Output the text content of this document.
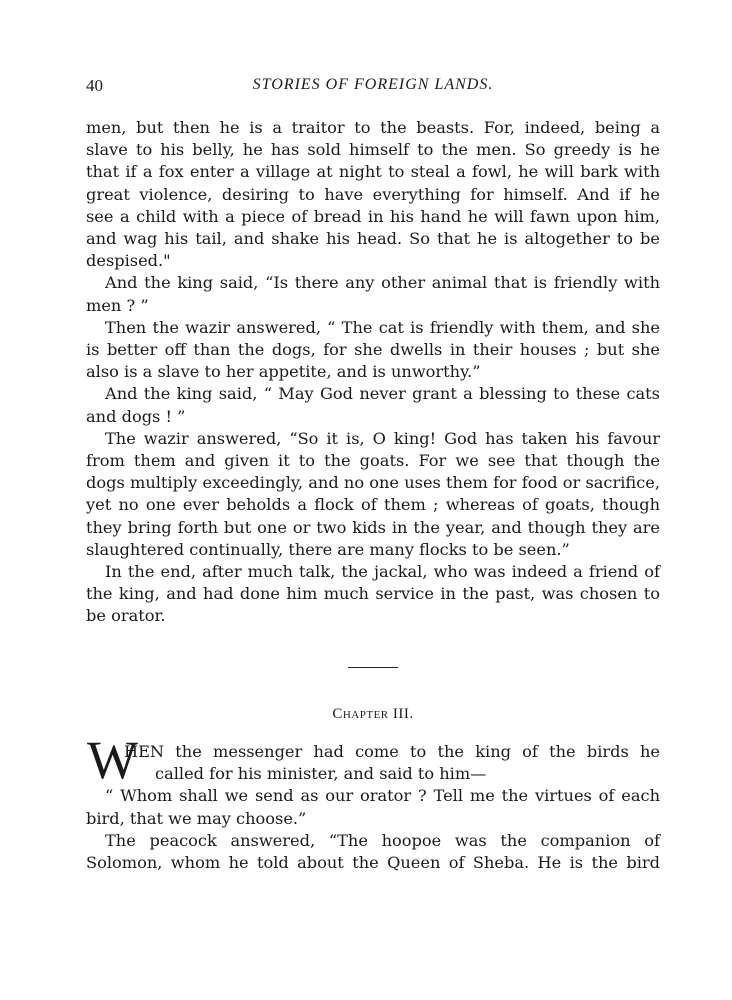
40	STORIES OF FOREIGN LANDS.
men, but then he is a traitor to the beasts. For, indeed, being a
slave to his belly, he has sold himself to the men. So greedy is he
that if a fox enter a village at night to steal a fowl, he will bark with
great violence, desiring to have everything for himself. And if he
see a child with a piece of bread in his hand he will fawn upon him,
and wag his tail, and shake his head. So that he is altogether to be
despised."
And the king said, “Is there any other animal that is friendly with
men ? ”
Then the wazir answered, “ The cat is friendly with them, and she
is better off than the dogs, for she dwells in their houses ; but she
also is a slave to her appetite, and is unworthy.”
And the king said, “ May God never grant a blessing to these cats
and dogs ! ”
The wazir answered, “So it is, O king! God has taken his favour
from them and given it to the goats. For we see that though the
dogs multiply exceedingly, and no one uses them for food or sacrifice,
yet no one ever beholds a flock of them ; whereas of goats, though
they bring forth but one or two kids in the year, and though they are
slaughtered continually, there are many flocks to be seen.”
In the end, after much talk, the jackal, who was indeed a friend of
the king, and had done him much service in the past, was chosen to
be orator.
Chapter III.
W
HEN the messenger had come to the king of the birds he
called for his minister, and said to him—
“ Whom shall we send as our orator ? Tell me the virtues of each
bird, that we may choose.”
The peacock answered, “The hoopoe was the companion of
Solomon, whom he told about the Queen of Sheba. He is the bird
